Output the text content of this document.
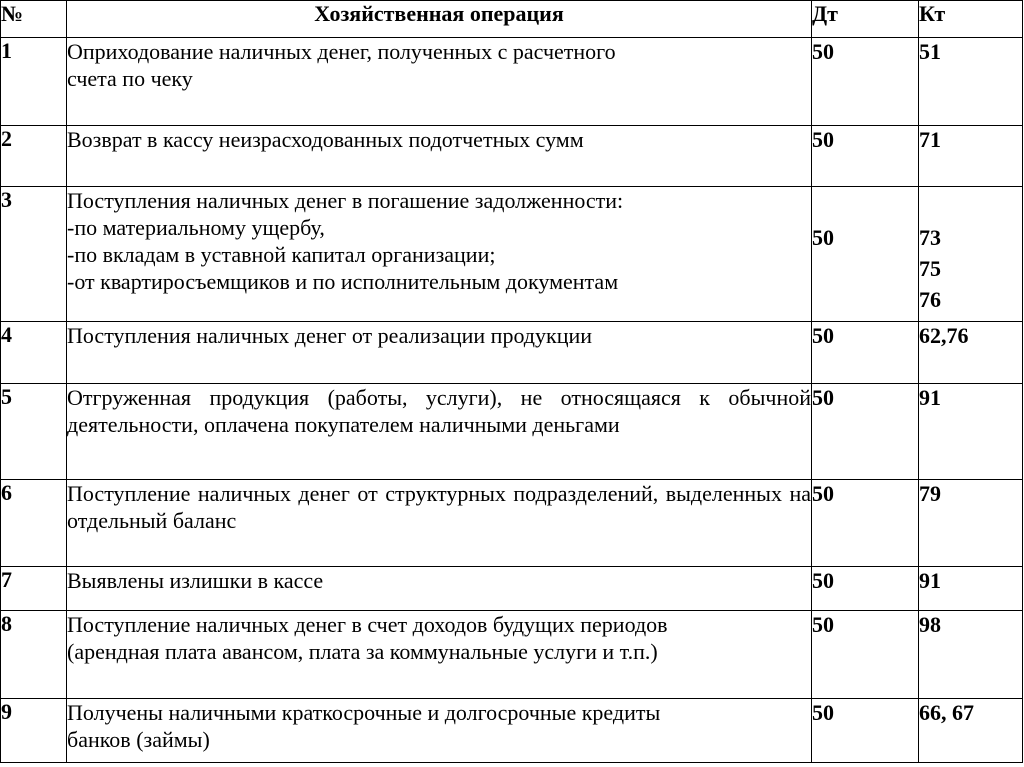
№	Хозяйственная операция	Дт	Кт
1	Оприходование наличных денег, полученных с расчетного
счета по чеку	50	51
2	Возврат в кассу неизрасходованных подотчетных сумм	50	71
3	Поступления наличных денег в погашение задолженности:
-по материальному ущербу,
-по вкладам в уставной капитал организации;
-от квартиросъемщиков и по исполнительным документам	50	73
75
76

4	Поступления наличных денег от реализации продукции	50	62,76
5	Отгруженная продукция (работы, услуги), не относящаяся к обычной деятельности, оплачена покупателем наличными деньгами	50	91
6	Поступление наличных денег от структурных подразделений, выделенных на отдельный баланс	50	79
7	Выявлены излишки в кассе	50	91
8	Поступление наличных денег в счет доходов будущих периодов
(арендная плата авансом, плата за коммунальные услуги и т.п.)	50	98
9	Получены наличными краткосрочные и долгосрочные кредиты
банков (займы)	50	66, 67
